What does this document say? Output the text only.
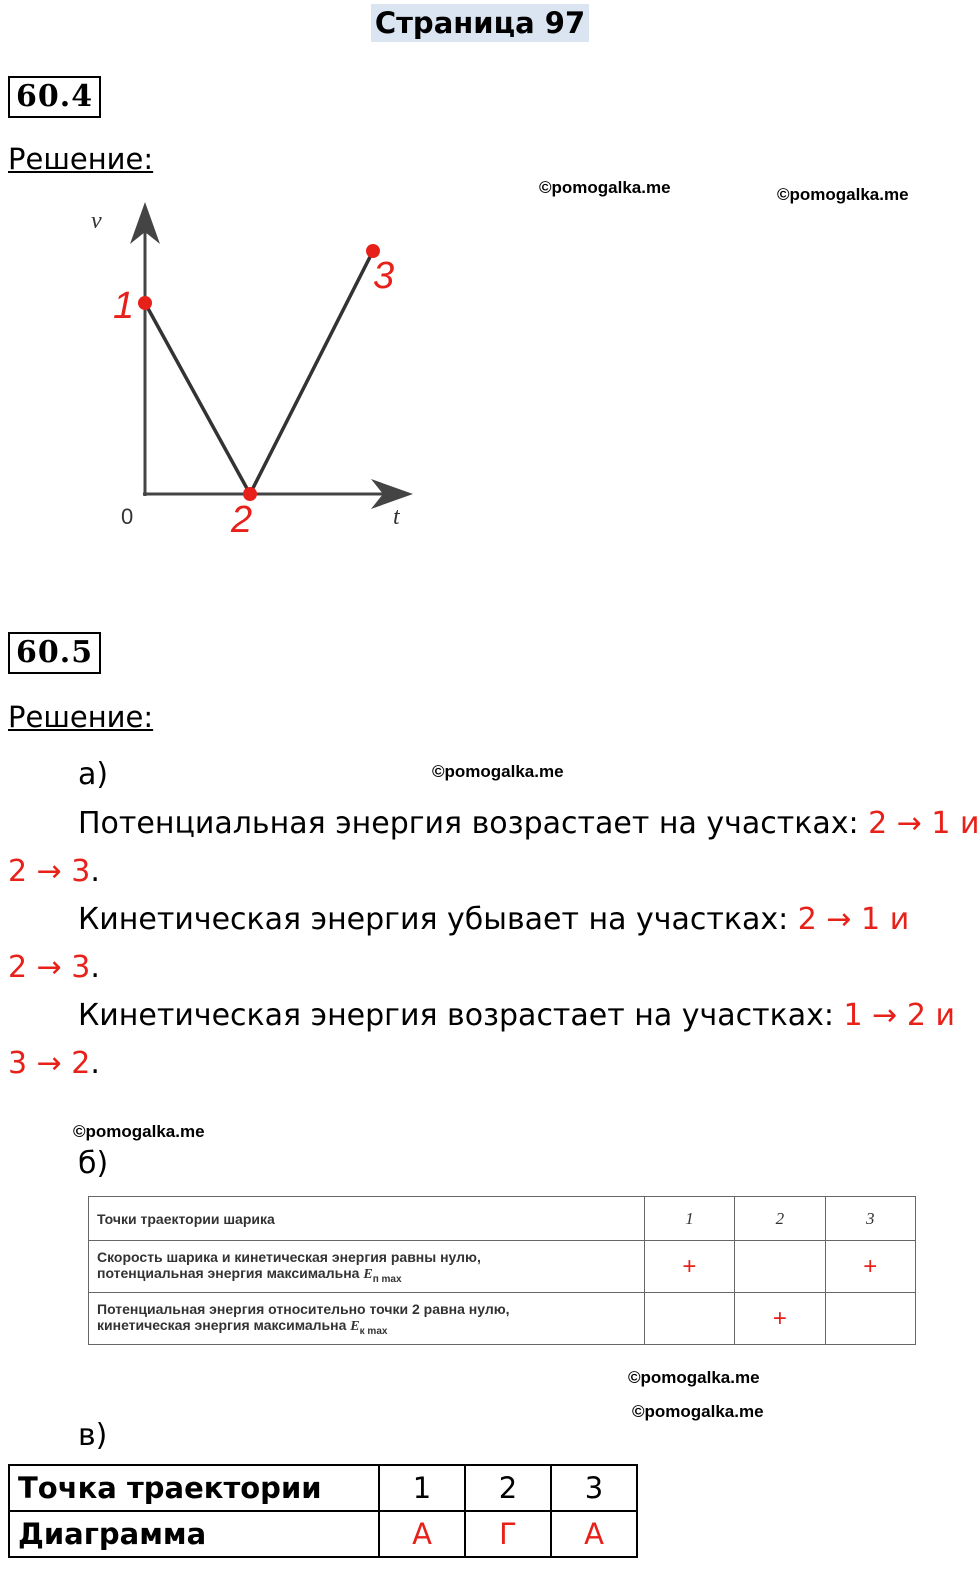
Страница 97
60.4
Решение:
©pomogalka.me	©pomogalka.me
v
t
0
1
2
3
60.5
Решение:
а)	©pomogalka.me
Потенциальная энергия возрастает на участках: 2 → 1 и
2 → 3.
Кинетическая энергия убывает на участках: 2 → 1 и
2 → 3.
Кинетическая энергия возрастает на участках: 1 → 2 и
3 → 2.
©pomogalka.me
б)
Точки траектории шарика	1	2	3

Скорость шарика и кинетическая энергия равны нулю,
потенциальная энергия максимальна $E_{п max}$	+		+

Потенциальная энергия относительно точки 2 равна нулю,
кинетическая энергия максимальна $E_{к max}$		+	
©pomogalka.me
©pomogalka.me
в)
Точка траектории	1	2	3
Диаграмма	А	Г	А
